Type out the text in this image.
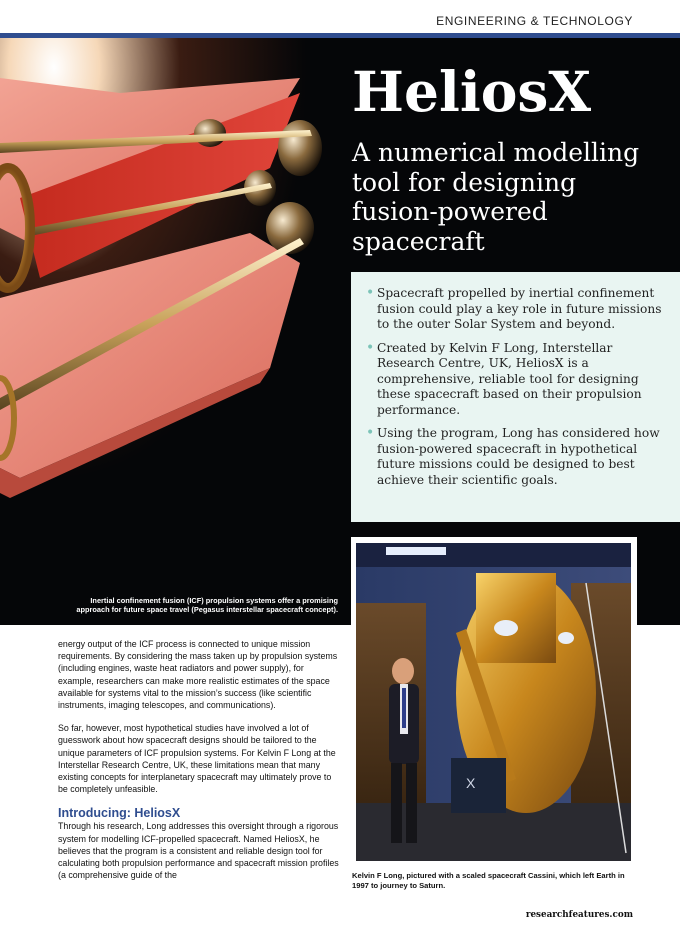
ENGINEERING & TECHNOLOGY
HeliosX
A numerical modelling tool for designing fusion-powered spacecraft
• Spacecraft propelled by inertial confinement fusion could play a key role in future missions to the outer Solar System and beyond.
• Created by Kelvin F Long, Interstellar Research Centre, UK, HeliosX is a comprehensive, reliable tool for designing these spacecraft based on their propulsion performance.
• Using the program, Long has considered how fusion-powered spacecraft in hypothetical future missions could be designed to best achieve their scientific goals.
Inertial confinement fusion (ICF) propulsion systems offer a promising approach for future space travel (Pegasus interstellar spacecraft concept).
X
Kelvin F Long, pictured with a scaled spacecraft Cassini, which left Earth in 1997 to journey to Saturn.

energy output of the ICF process is connected to unique mission requirements. By considering the mass taken up by propulsion systems (including engines, waste heat radiators and power supply), for example, researchers can make more realistic estimates of the space available for systems vital to the mission’s success (like scientific instruments, imaging telescopes, and communications).

So far, however, most hypothetical studies have involved a lot of guesswork about how spacecraft designs should be tailored to the unique parameters of ICF propulsion systems. For Kelvin F Long at the Interstellar Research Centre, UK, these limitations mean that many existing concepts for interplanetary spacecraft may ultimately prove to be completely unfeasible.

Introducing: HeliosX

Through his research, Long addresses this oversight through a rigorous system for modelling ICF-propelled spacecraft. Named HeliosX, he believes that the program is a consistent and reliable design tool for calculating both propulsion performance and spacecraft mission profiles (a comprehensive guide of the

researchfeatures.com
